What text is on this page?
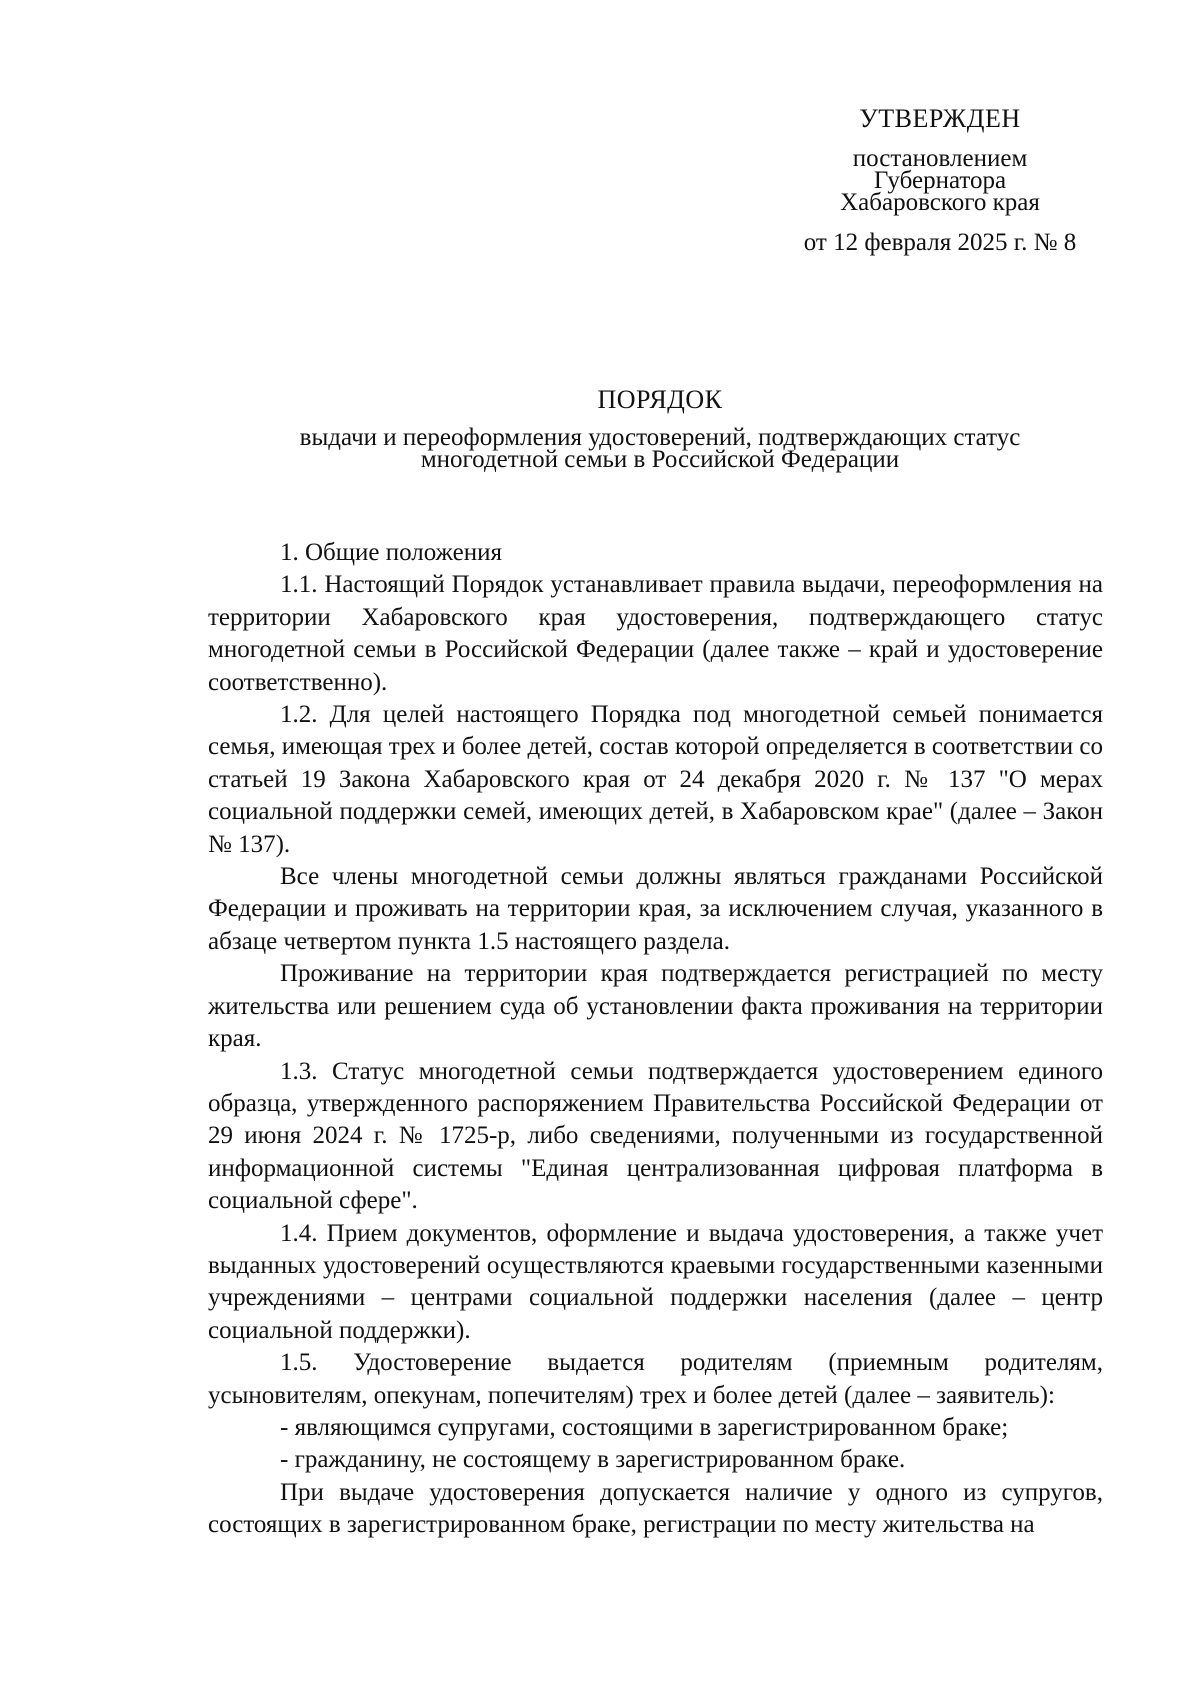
УТВЕРЖДЕН
постановлением
Губернатора
Хабаровского края
от 12 февраля 2025 г. № 8
ПОРЯДОК
выдачи и переоформления удостоверений, подтверждающих статус
многодетной семьи в Российской Федерации

1. Общие положения

1.1. Настоящий Порядок устанавливает правила выдачи, переоформления на территории Хабаровского края удостоверения, подтверждающего статус многодетной семьи в Российской Федерации (далее также – край и удостоверение соответственно).

1.2. Для целей настоящего Порядка под многодетной семьей понимается семья, имеющая трех и более детей, состав которой определяется в соответствии со статьей 19 Закона Хабаровского края от 24 декабря 2020 г. № 137 "О мерах социальной поддержки семей, имеющих детей, в Хабаровском крае" (далее – Закон № 137).

Все члены многодетной семьи должны являться гражданами Российской Федерации и проживать на территории края, за исключением случая, указанного в абзаце четвертом пункта 1.5 настоящего раздела.

Проживание на территории края подтверждается регистрацией по месту жительства или решением суда об установлении факта проживания на территории края.

1.3. Статус многодетной семьи подтверждается удостоверением единого образца, утвержденного распоряжением Правительства Российской Федерации от 29 июня 2024 г. № 1725-р, либо сведениями, полученными из государственной информационной системы "Единая централизованная цифровая платформа в социальной сфере".

1.4. Прием документов, оформление и выдача удостоверения, а также учет выданных удостоверений осуществляются краевыми государственными казенными учреждениями – центрами социальной поддержки населения (далее – центр социальной поддержки).

1.5. Удостоверение выдается родителям (приемным родителям, усыновителям, опекунам, попечителям) трех и более детей (далее – заявитель):

- являющимся супругами, состоящими в зарегистрированном браке;

- гражданину, не состоящему в зарегистрированном браке.

При выдаче удостоверения допускается наличие у одного из супругов, состоящих в зарегистрированном браке, регистрации по месту жительства на
